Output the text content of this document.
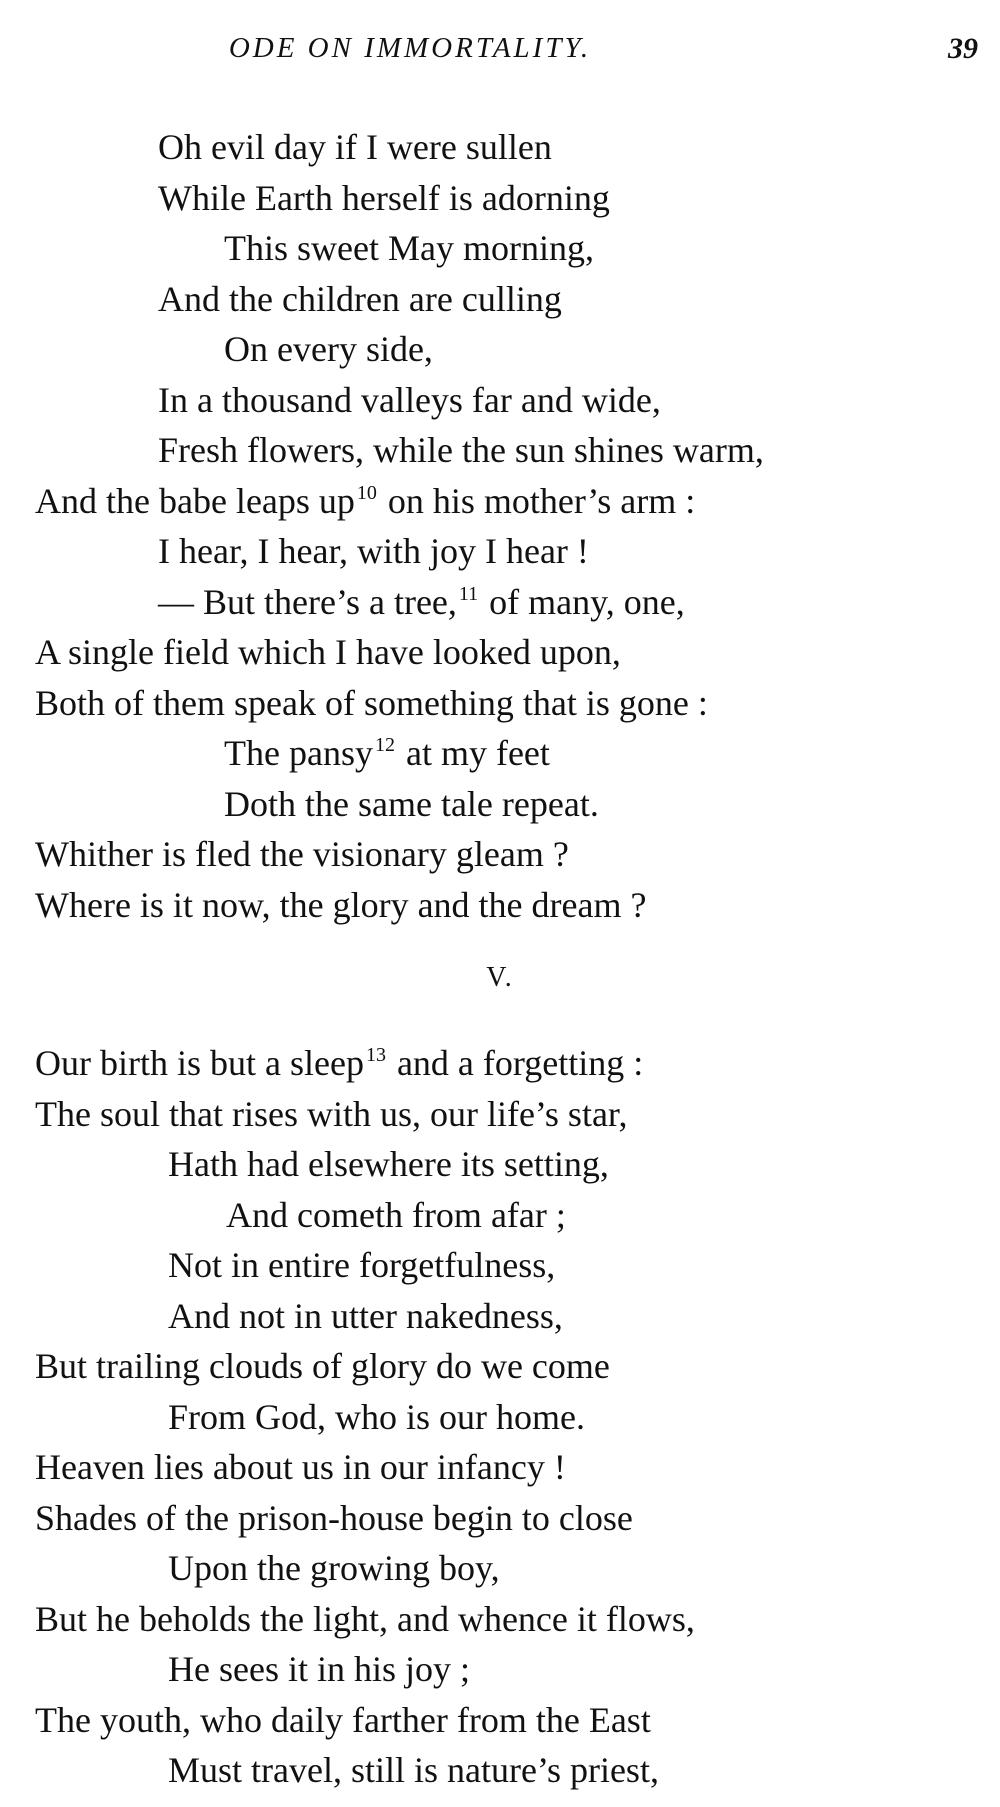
ODE ON IMMORTALITY.	39
Oh evil day if I were sullen
While Earth herself is adorning
This sweet May morning,
And the children are culling
On every side,
In a thousand valleys far and wide,
Fresh flowers, while the sun shines warm,
And the babe leaps up $^{10}$ on his mother’s arm :
I hear, I hear, with joy I hear !
— But there’s a tree, $^{11}$ of many, one,
A single field which I have looked upon,
Both of them speak of something that is gone :
The pansy $^{12}$ at my feet
Doth the same tale repeat.
Whither is fled the visionary gleam ?
Where is it now, the glory and the dream ?
V.
Our birth is but a sleep $^{13}$ and a forgetting :
The soul that rises with us, our life’s star,
Hath had elsewhere its setting,
And cometh from afar ;
Not in entire forgetfulness,
And not in utter nakedness,
But trailing clouds of glory do we come
From God, who is our home.
Heaven lies about us in our infancy !
Shades of the prison-house begin to close
Upon the growing boy,
But he beholds the light, and whence it flows,
He sees it in his joy ;
The youth, who daily farther from the East
Must travel, still is nature’s priest,
